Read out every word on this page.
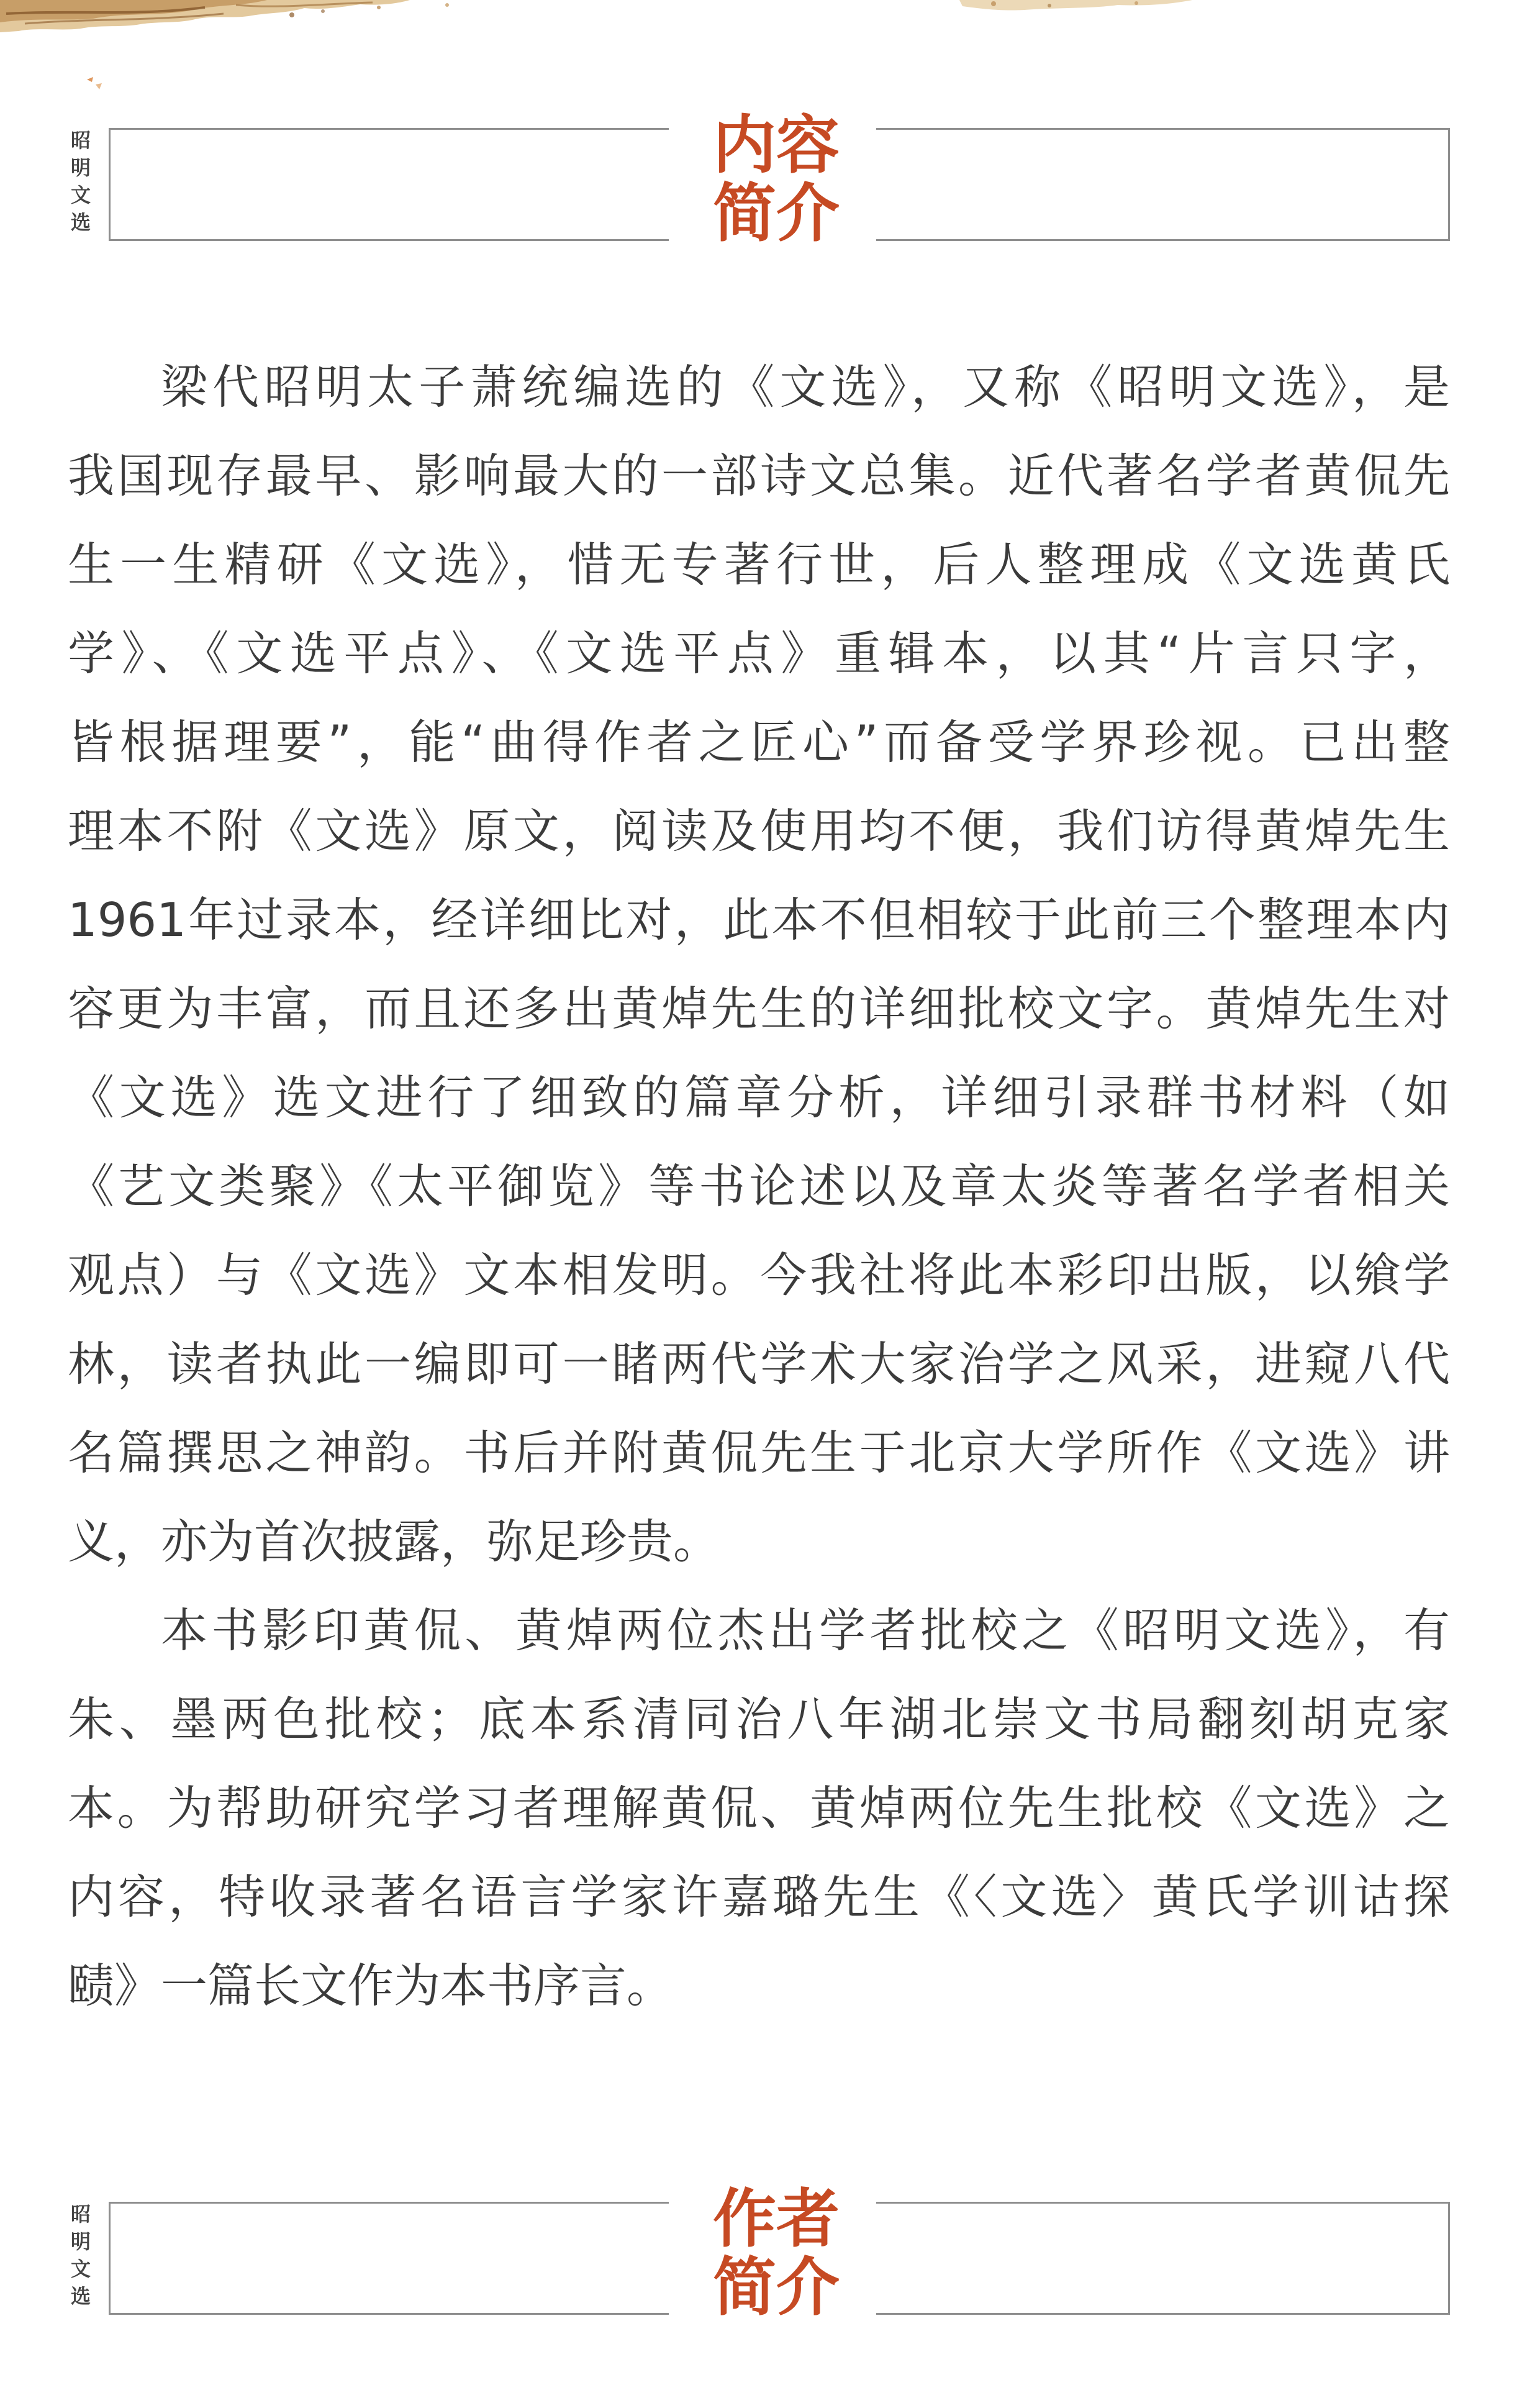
昭明文选	内容
简介
梁代昭明太子萧统编选的《文选》，又称《昭明文选》，是
我国现存最早、影响最大的一部诗文总集。近代著名学者黄侃先
生一生精研《文选》，惜无专著行世，后人整理成《文选黄氏
学》、《文选平点》、《文选平点》重辑本，以其“片言只字，
皆根据理要”，能“曲得作者之匠心”而备受学界珍视。已出整
理本不附《文选》原文，阅读及使用均不便，我们访得黄焯先生
1961年过录本，经详细比对，此本不但相较于此前三个整理本内
容更为丰富，而且还多出黄焯先生的详细批校文字。黄焯先生对
《文选》选文进行了细致的篇章分析，详细引录群书材料（如
《艺文类聚》《太平御览》等书论述以及章太炎等著名学者相关
观点）与《文选》文本相发明。今我社将此本彩印出版，以飨学
林，读者执此一编即可一睹两代学术大家治学之风采，进窥八代
名篇撰思之神韵。书后并附黄侃先生于北京大学所作《文选》讲
义，亦为首次披露，弥足珍贵。
本书影印黄侃、黄焯两位杰出学者批校之《昭明文选》，有
朱、墨两色批校；底本系清同治八年湖北崇文书局翻刻胡克家
本。为帮助研究学习者理解黄侃、黄焯两位先生批校《文选》之
内容，特收录著名语言学家许嘉璐先生《〈文选〉黄氏学训诂探
赜》一篇长文作为本书序言。
昭明文选	作者
简介
